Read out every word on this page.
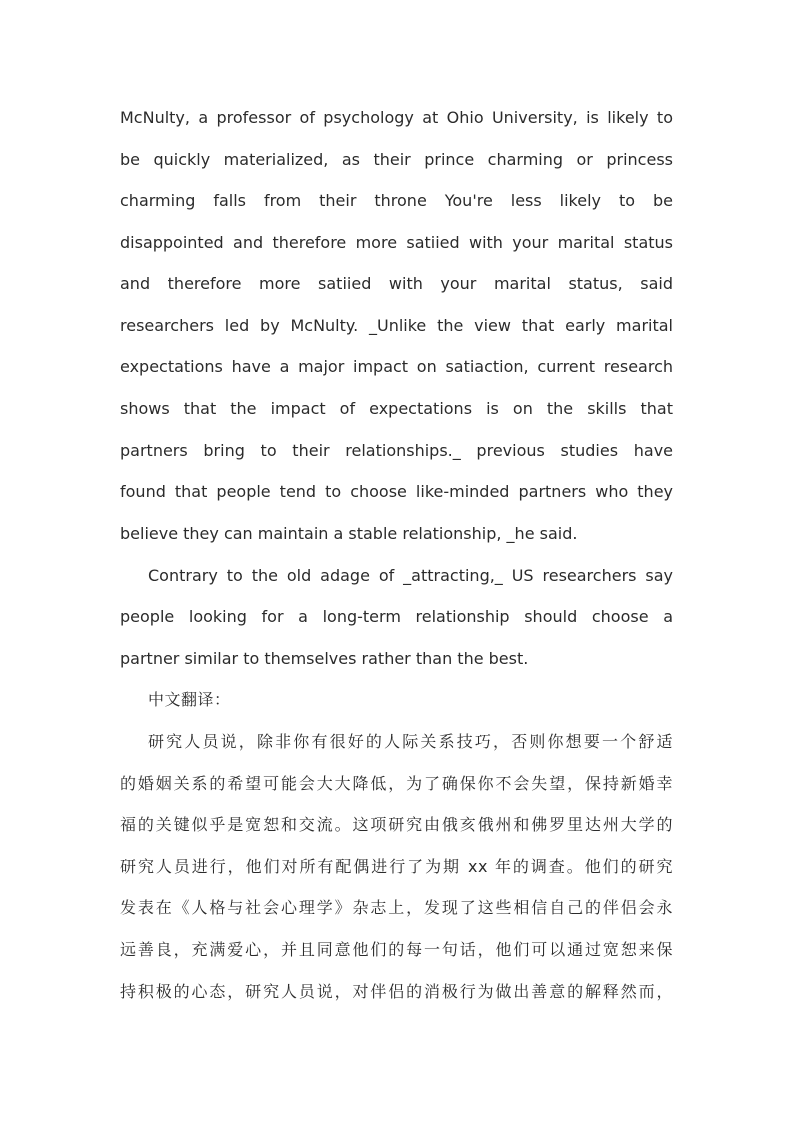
McNulty, a professor of psychology at Ohio University, is likely to
be quickly materialized, as their prince charming or princess
charming falls from their throne You're less likely to be
disappointed and therefore more satiied with your marital status
and therefore more satiied with your marital status, said
researchers led by McNulty. _Unlike the view that early marital
expectations have a major impact on satiaction, current research
shows that the impact of expectations is on the skills that
partners bring to their relationships._ previous studies have
found that people tend to choose like-minded partners who they
believe they can maintain a stable relationship, _he said.
Contrary to the old adage of _attracting,_ US researchers say
people looking for a long-term relationship should choose a
partner similar to themselves rather than the best.
中文翻译：
研究人员说，除非你有很好的人际关系技巧，否则你想要一个舒适
的婚姻关系的希望可能会大大降低，为了确保你不会失望，保持新婚幸
福的关键似乎是宽恕和交流。这项研究由俄亥俄州和佛罗里达州大学的
研究人员进行，他们对所有配偶进行了为期 xx 年的调查。他们的研究
发表在《人格与社会心理学》杂志上，发现了这些相信自己的伴侣会永
远善良，充满爱心，并且同意他们的每一句话，他们可以通过宽恕来保
持积极的心态，研究人员说，对伴侣的消极行为做出善意的解释然而，
